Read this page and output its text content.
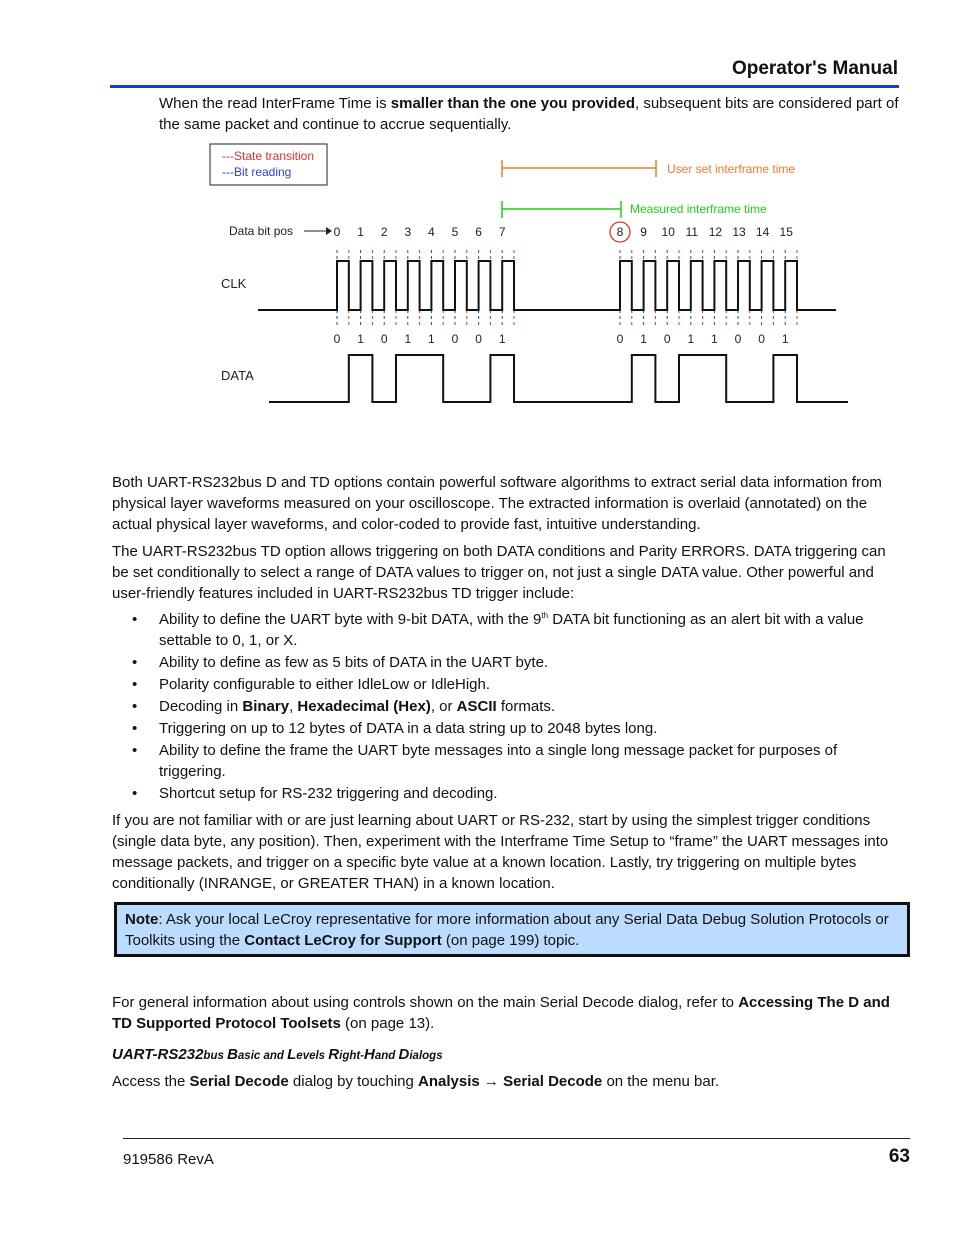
Operator's Manual

When the read InterFrame Time is smaller than the one you provided, subsequent bits are considered part of the same packet and continue to accrue sequentially.

---State transition
---Bit reading	User set interframe time
Measured interframe time
Data bit pos	0 1 2 3 4 5 6 7	8 9 10 11 12 13 14 15
CLK
DATA
0 1 0 1 1 0 0 1	0 1 0 1 1 0 0 1

Both UART-RS232bus D and TD options contain powerful software algorithms to extract serial data information from physical layer waveforms measured on your oscilloscope. The extracted information is overlaid (annotated) on the actual physical layer waveforms, and color-coded to provide fast, intuitive understanding.

The UART-RS232bus TD option allows triggering on both DATA conditions and Parity ERRORS. DATA triggering can be set conditionally to select a range of DATA values to trigger on, not just a single DATA value. Other powerful and user-friendly features included in UART-RS232bus TD trigger include:

• Ability to define the UART byte with 9-bit DATA, with the 9th DATA bit functioning as an alert bit with a value settable to 0, 1, or X.
• Ability to define as few as 5 bits of DATA in the UART byte.
• Polarity configurable to either IdleLow or IdleHigh.
• Decoding in Binary, Hexadecimal (Hex), or ASCII formats.
• Triggering on up to 12 bytes of DATA in a data string up to 2048 bytes long.
• Ability to define the frame the UART byte messages into a single long message packet for purposes of triggering.
• Shortcut setup for RS-232 triggering and decoding.

If you are not familiar with or are just learning about UART or RS-232, start by using the simplest trigger conditions (single data byte, any position). Then, experiment with the Interframe Time Setup to “frame” the UART messages into message packets, and trigger on a specific byte value at a known location. Lastly, try triggering on multiple bytes conditionally (INRANGE, or GREATER THAN) in a known location.

Note: Ask your local LeCroy representative for more information about any Serial Data Debug Solution Protocols or Toolkits using the Contact LeCroy for Support (on page 199) topic.

For general information about using controls shown on the main Serial Decode dialog, refer to Accessing The D and TD Supported Protocol Toolsets (on page 13).

UART-RS232bus Basic and Levels Right-Hand Dialogs

Access the Serial Decode dialog by touching Analysis → Serial Decode on the menu bar.

919586 RevA	63
